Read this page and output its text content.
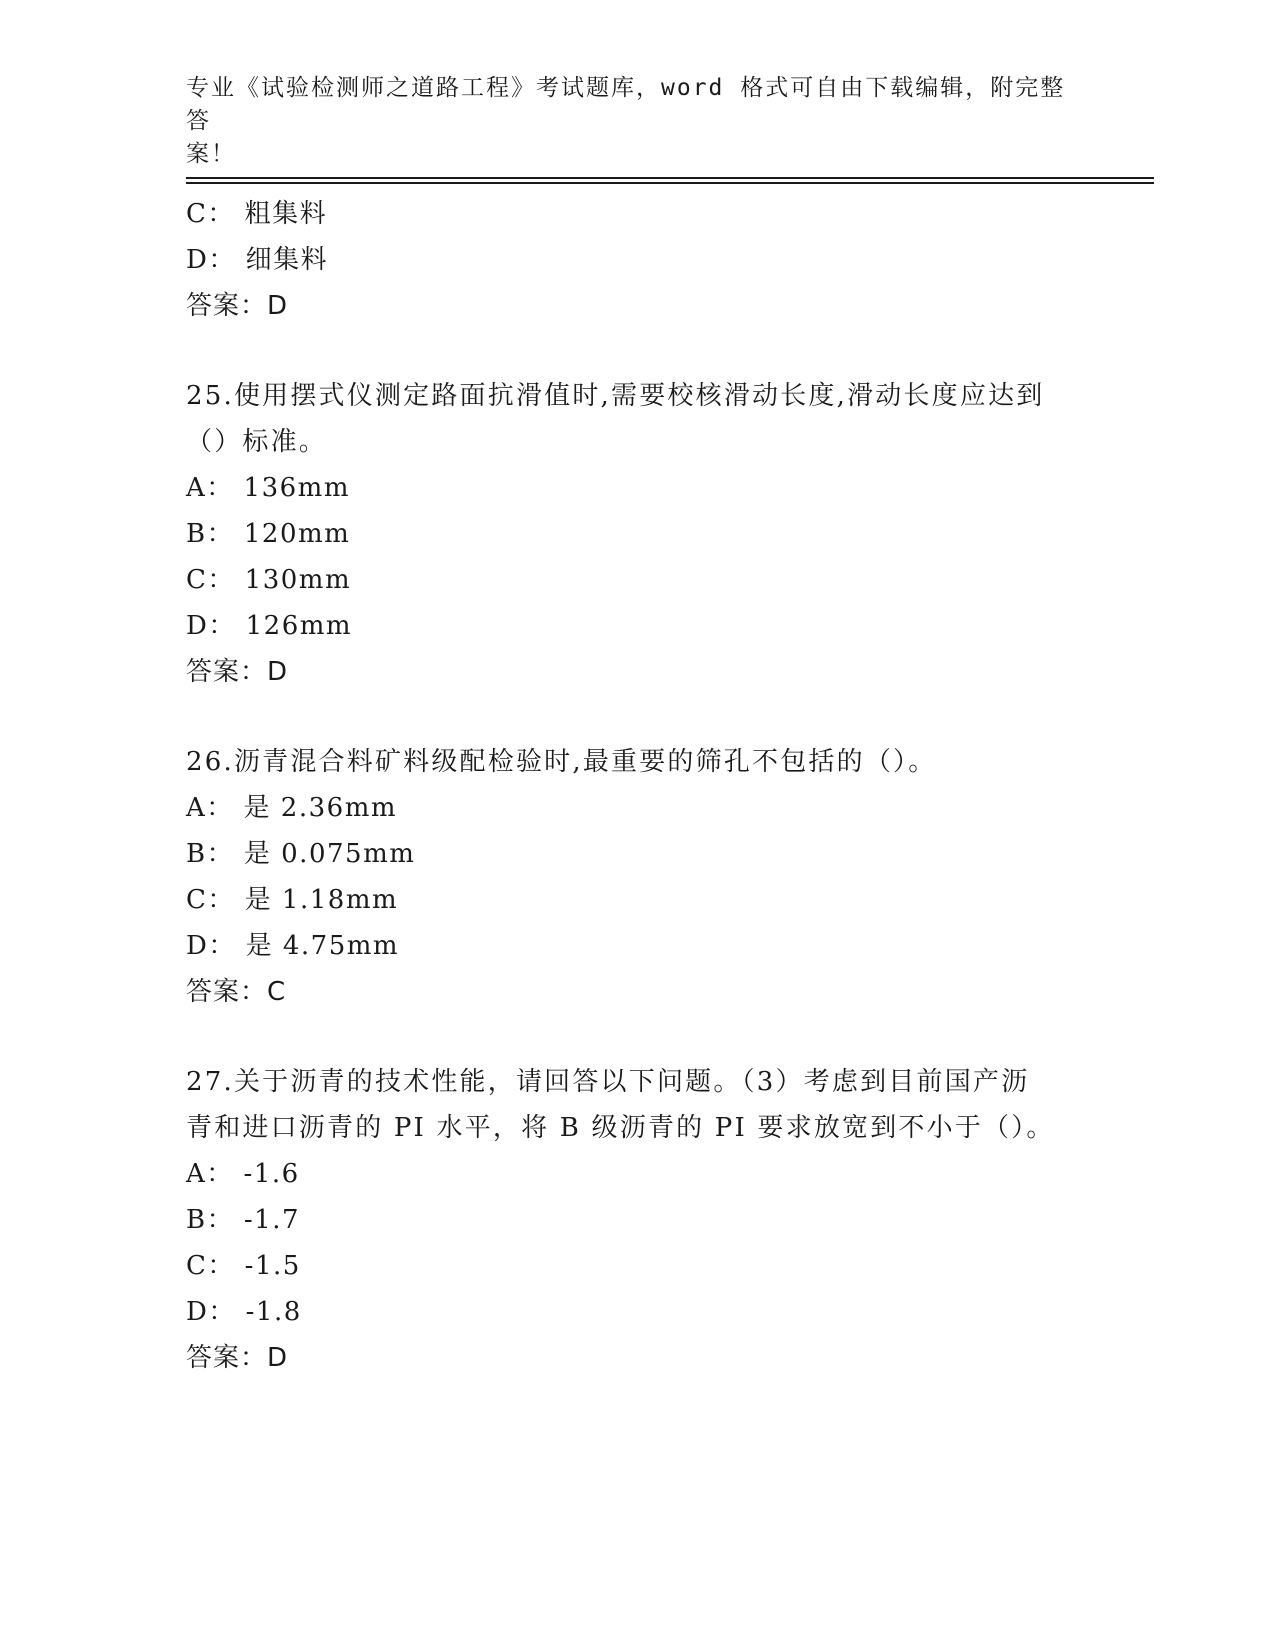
专业《试验检测师之道路工程》考试题库，word 格式可自由下载编辑，附完整答
案！
C： 粗集料
D： 细集料
答案：D
25.使用摆式仪测定路面抗滑值时,需要校核滑动长度,滑动长度应达到
（）标准。
A： 136mm
B： 120mm
C： 130mm
D： 126mm
答案：D
26.沥青混合料矿料级配检验时,最重要的筛孔不包括的（）。
A： 是 2.36mm
B： 是 0.075mm
C： 是 1.18mm
D： 是 4.75mm
答案：C
27.关于沥青的技术性能，请回答以下问题。（3）考虑到目前国产沥
青和进口沥青的 PI 水平，将 B 级沥青的 PI 要求放宽到不小于（）。
A： -1.6
B： -1.7
C： -1.5
D： -1.8
答案：D
